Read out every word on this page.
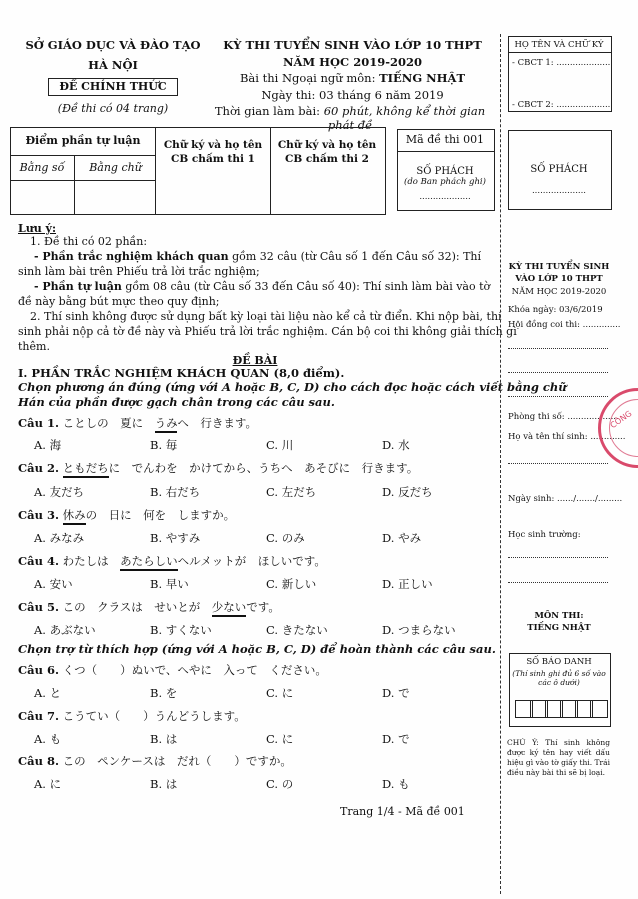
SỞ GIÁO DỤC VÀ ĐÀO TẠO
HÀ NỘI
ĐỀ CHÍNH THỨC
(Đề thi có 04 trang)
KỲ THI TUYỂN SINH VÀO LỚP 10 THPT
NĂM HỌC 2019-2020
Bài thi Ngoại ngữ môn: TIẾNG NHẬT
Ngày thi: 03 tháng 6 năm 2019
Thời gian làm bài: 60 phút, không kể thời gian phát đề
Điểm phần tự luận
Bằng số	Bằng chữ
Chữ ký và họ tên CB chấm thi 1
Chữ ký và họ tên CB chấm thi 2
Mã đề thi 001
SỐ PHÁCH
(do Ban phách ghi)
...................
Lưu ý:
1. Đề thi có 02 phần:
- Phần trắc nghiệm khách quan gồm 32 câu (từ Câu số 1 đến Câu số 32): Thí
sinh làm bài trên Phiếu trả lời trắc nghiệm;
- Phần tự luận gồm 08 câu (từ Câu số 33 đến Câu số 40): Thí sinh làm bài vào tờ
đề này bằng bút mực theo quy định;
2. Thí sinh không được sử dụng bất kỳ loại tài liệu nào kể cả từ điển. Khi nộp bài, thí
sinh phải nộp cả tờ đề này và Phiếu trả lời trắc nghiệm. Cán bộ coi thi không giải thích gì
thêm.
ĐỀ BÀI
I. PHẦN TRẮC NGHIỆM KHÁCH QUAN (8,0 điểm).
Chọn phương án đúng (ứng với A hoặc B, C, D) cho cách đọc hoặc cách viết bằng chữ
Hán của phần được gạch chân trong các câu sau.
Câu 1. ことしの　夏に　うみへ　行きます。
A. 海	B. 毎	C. 川	D. 水
Câu 2. ともだちに　でんわを　かけてから、うちへ　あそびに　行きます。
A. 友だち	B. 右だち	C. 左だち	D. 反だち
Câu 3. 休みの　日に　何を　しますか。
A. みなみ	B. やすみ	C. のみ	D. やみ
Câu 4. わたしは　あたらしいヘルメットが　ほしいです。
A. 安い	B. 早い	C. 新しい	D. 正しい
Câu 5. この　クラスは　せいとが　少ないです。
A. あぶない	B. すくない	C. きたない	D. つまらない
Chọn trợ từ thích hợp (ứng với A hoặc B, C, D) để hoàn thành các câu sau.
Câu 6. くつ（　　）ぬいで、へやに　入って　ください。
A. と	B. を	C. に	D. で
Câu 7. こうてい（　　）うんどうします。
A. も	B. は	C. に	D. で
Câu 8. この　ペンケースは　だれ（　　）ですか。
A. に	B. は	C. の	D. も
Trang 1/4 - Mã đề 001
HỌ TÊN VÀ CHỮ KÝ
- CBCT 1: ....................
- CBCT 2: ....................
SỐ PHÁCH
....................
KỲ THI TUYỂN SINH
VÀO LỚP 10 THPT
NĂM HỌC 2019-2020
Khóa ngày: 03/6/2019
Hội đồng coi thi: ..............
Phòng thi số: ...................
Họ và tên thí sinh: .............
Ngày sinh: ....../......./.........
Học sinh trường:
MÔN THI:
TIẾNG NHẬT
SỐ BÁO DANH
(Thí sinh ghi đủ 6 số vào các ô dưới)
CHÚ Ý: Thí sinh không được ký tên hay viết dấu hiệu gì vào tờ giấy thi. Trái điều này bài thi sẽ bị loại.
CÔNG
